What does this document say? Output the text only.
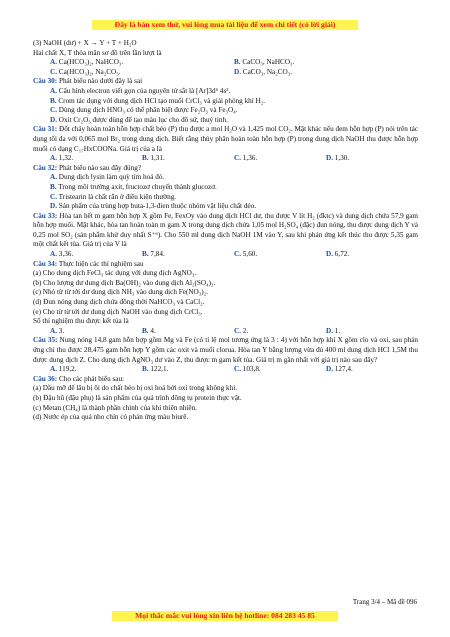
Đây là bản xem thử, vui lòng mua tài liệu để xem chi tiết (có lời giải)
(3) NaOH (dư) + X → Y + T + H₂O
Hai chất X, T thỏa mãn sơ đồ trên lần lượt là
A. Ca(HCO₃)₂, NaHCO₃.	B. CaCO₃, NaHCO₃.
C. Ca(HCO₃)₂, Na₂CO₃.	D. CaCO₃, Na₂CO₃.
Câu 30: Phát biểu nào dưới đây là sai
A. Cấu hình electron viết gọn của nguyên tử sắt là [Ar]3d⁶ 4s².
B. Crom tác dụng với dung dịch HCl tạo muối CrCl₃ và giải phóng khí H₂.
C. Dùng dung dịch HNO₃ có thể phân biệt được Fe₂O₃ và Fe₃O₄.
D. Oxit Cr₂O₃ được dùng để tạo màu lục cho đồ sứ, thuỷ tinh.
Câu 31: Đốt cháy hoàn toàn hỗn hợp chất béo (P) thu được a mol H₂O và 1,425 mol CO₂. Mặt khác nếu đem hỗn hợp (P) nói trên tác dụng tối đa với 0,065 mol Br₂ trong dung dịch. Biết rằng thủy phân hoàn toàn hỗn hợp (P) trong dung dịch NaOH thu được hỗn hợp muối có dạng C₁₇HxCOONa. Giá trị của a là
A. 1,32.	B. 1,31.	C. 1,36.	D. 1,30.
Câu 32: Phát biểu nào sau đây đúng?
A. Dung dịch lysin làm quỳ tím hoá đỏ.
B. Trong môi trường axit, fructozơ chuyển thành glucozơ.
C. Tristearin là chất rắn ở điều kiện thường.
D. Sản phẩm của trùng hợp buta-1,3-đien thuộc nhóm vật liệu chất dẻo.
Câu 33: Hòa tan hết m gam hỗn hợp X gồm Fe, FexOy vào dung dịch HCl dư, thu được V lít H₂ (đktc) và dung dịch chứa 57,9 gam hỗn hợp muối. Mặt khác, hòa tan hoàn toàn m gam X trong dung dịch chứa 1,05 mol H₂SO₄ (đặc) đun nóng, thu được dung dịch Y và 0,25 mol SO₂ (sản phẩm khử duy nhất S⁺⁶). Cho 550 ml dung dịch NaOH 1M vào Y, sau khi phản ứng kết thúc thu được 5,35 gam một chất kết tủa. Giá trị của V là
A. 3,36.	B. 7,84.	C. 5,60.	D. 6,72.
Câu 34: Thực hiện các thí nghiệm sau
(a) Cho dung dịch FeCl₃ tác dụng với dung dịch AgNO₃.
(b) Cho lượng dư dung dịch Ba(OH)₂ vào dung dịch Al₂(SO₄)₃.
(c) Nhỏ từ từ tới dư dung dịch NH₃ vào dung dịch Fe(NO₃)₂.
(d) Đun nóng dung dịch chứa đồng thời NaHCO₃ và CaCl₂.
(e) Cho từ từ tới dư dung dịch NaOH vào dung dịch CrCl₃.
Số thí nghiệm thu được kết tủa là
A. 3.	B. 4.	C. 2.	D. 1.
Câu 35: Nung nóng 14,8 gam hỗn hợp gồm Mg và Fe (có tỉ lệ mol tương ứng là 3 : 4) với hỗn hợp khí X gồm clo và oxi, sau phản ứng chỉ thu được 28,475 gam hỗn hợp Y gồm các oxit và muối clorua. Hòa tan Y bằng lượng vừa đủ 400 ml dung dịch HCl 1,5M thu được dung dịch Z. Cho dung dịch AgNO₃ dư vào Z, thu được m gam kết tủa. Giá trị m gần nhất với giá trị nào sau đây?
A. 119,2.	B. 122,1.	C. 103,8.	D. 127,4.
Câu 36: Cho các phát biểu sau:
(a) Dầu mỡ để lâu bị ôi do chất béo bị oxi hoá bởi oxi trong không khí.
(b) Đậu hũ (đậu phụ) là sản phẩm của quá trình đông tụ protein thực vật.
(c) Metan (CH₄) là thành phần chính của khí thiên nhiên.
(d) Nước ép của quả nho chín có phản ứng màu biurê.
Trang 3/4 – Mã đề 096
Mọi thắc mắc vui lòng xin liên hệ hotline: 084 283 45 85
